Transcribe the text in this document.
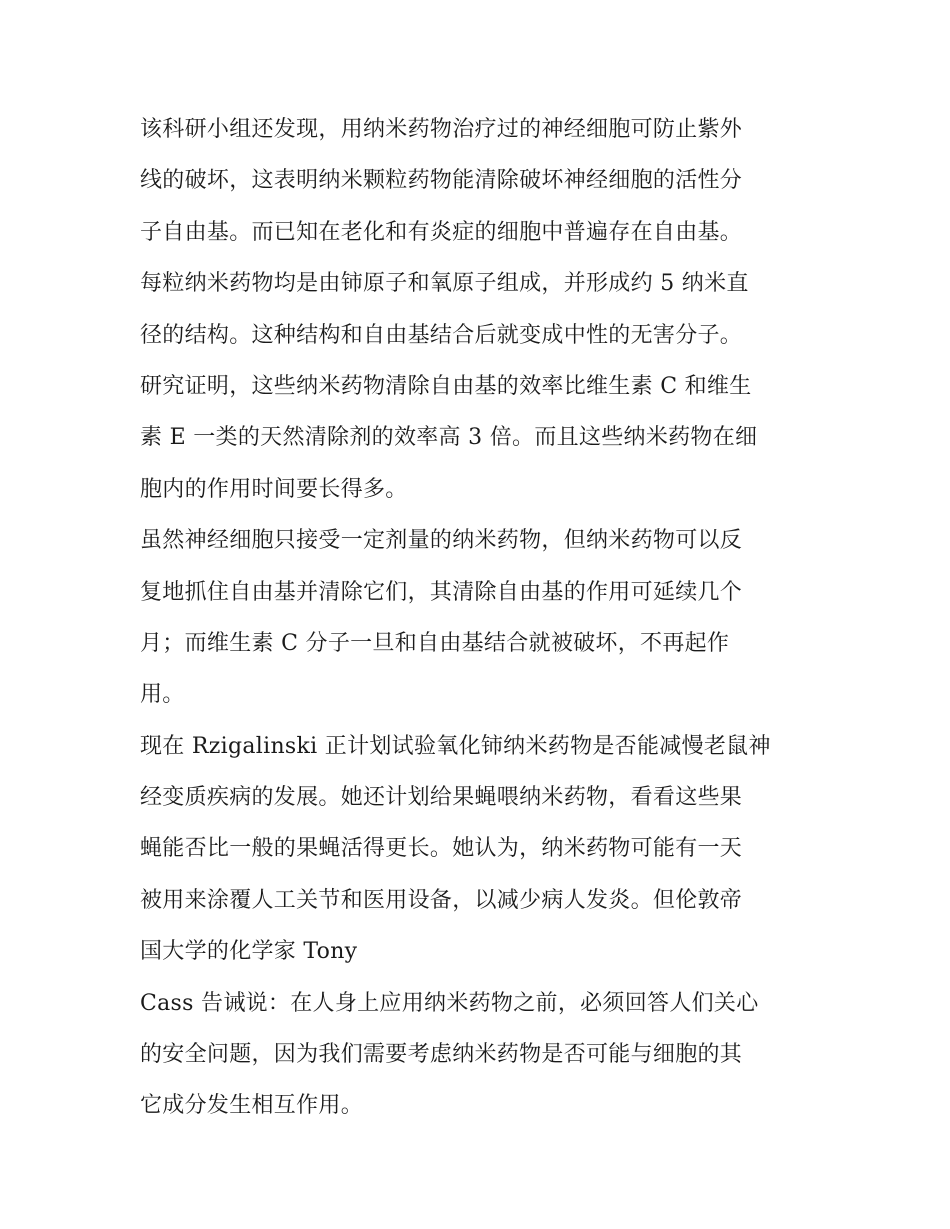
该科研小组还发现，用纳米药物治疗过的神经细胞可防止紫外
线的破坏，这表明纳米颗粒药物能清除破坏神经细胞的活性分
子自由基。而已知在老化和有炎症的细胞中普遍存在自由基。
每粒纳米药物均是由铈原子和氧原子组成，并形成约 5 纳米直
径的结构。这种结构和自由基结合后就变成中性的无害分子。
研究证明，这些纳米药物清除自由基的效率比维生素 C 和维生
素 E 一类的天然清除剂的效率高 3 倍。而且这些纳米药物在细
胞内的作用时间要长得多。
虽然神经细胞只接受一定剂量的纳米药物，但纳米药物可以反
复地抓住自由基并清除它们，其清除自由基的作用可延续几个
月；而维生素 C 分子一旦和自由基结合就被破坏，不再起作
用。
现在 Rzigalinski 正计划试验氧化铈纳米药物是否能减慢老鼠神
经变质疾病的发展。她还计划给果蝇喂纳米药物，看看这些果
蝇能否比一般的果蝇活得更长。她认为，纳米药物可能有一天
被用来涂覆人工关节和医用设备，以减少病人发炎。但伦敦帝
国大学的化学家 Tony
Cass 告诫说：在人身上应用纳米药物之前，必须回答人们关心
的安全问题，因为我们需要考虑纳米药物是否可能与细胞的其
它成分发生相互作用。
